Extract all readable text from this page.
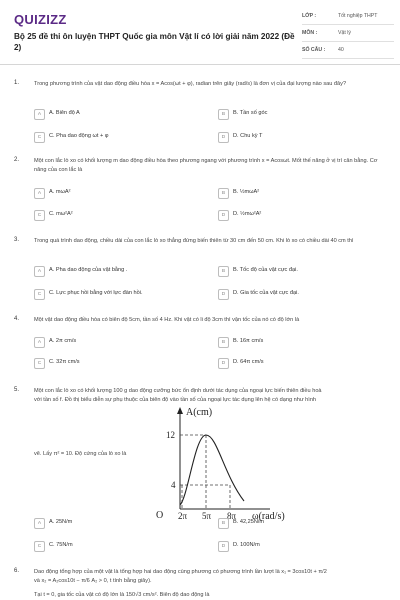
QUIZIZZ
Bộ 25 đề thi ôn luyện THPT Quốc gia môn Vật lí có lời giải năm 2022 (Đề 2)
LỚP :	Tốt nghiệp THPT
MÔN :	Vật lý
SỐ CÂU : 40
1.	Trong phương trình của vật dao động điều hòa x = Acos(ωt + φ), radian trên giây (rad/s) là đơn vị của đại lượng nào sau đây?
A	A. Biên độ A	B	B. Tần số góc
C	C. Pha dao động ωt + φ	D	D. Chu kỳ T
2.	Một con lắc lò xo có khối lượng m dao động điều hòa theo phương ngang với phương trình x = Acosωt. Mốt thế năng ở vị trí cân bằng. Cơ năng của con lắc là
A	A. mωA²	B	B. ½mωA²
C	C. mω²A²	D	D. ½mω²A²
3.	Trong quá trình dao động, chiều dài của con lắc lò xo thẳng đứng biến thiên từ 30 cm đến 50 cm. Khi lò xo có chiều dài 40 cm thì
A	A. Pha dao động của vật bằng .	B	B. Tốc độ của vật cực đại.
C	C. Lực phục hồi bằng với lực đàn hồi.	D	D. Gia tốc của vật cực đại.
4.	Một vật dao động điều hòa có biên độ 5cm, tần số 4 Hz. Khi vật có li độ 3cm thì vận tốc của nó có độ lớn là
A	A. 2π cm/s	B	B. 16π cm/s
C	C. 32π cm/s	D	D. 64π cm/s
5.	Một con lắc lò xo có khối lượng 100 g dao động cưỡng bức ổn định dưới tác dụng của ngoại lực biến thiên điều hoà
với tần số f. Đồ thị biểu diễn sự phụ thuộc của biên độ vào tần số của ngoại lực tác dụng lên hệ có dạng như hình
vẽ. Lấy π² = 10. Độ cứng của lò xo là
A(cm)
12
4
O 2π 5π 8π ω(rad/s)
A	A. 25N/m	B	B. 42,25N/m
C	C. 75N/m	D	D. 100N/m
6.	Dao động tổng hợp của một vật là tổng hợp hai dao động cùng phương có phương trình lần lượt là x₁ = 3cos10t + π/2
và x₂ = A₂cos10t − π/6 A₂ > 0, t tính bằng giây).
Tại t = 0, gia tốc của vật có độ lớn là 150√3 cm/s². Biên độ dao động là
